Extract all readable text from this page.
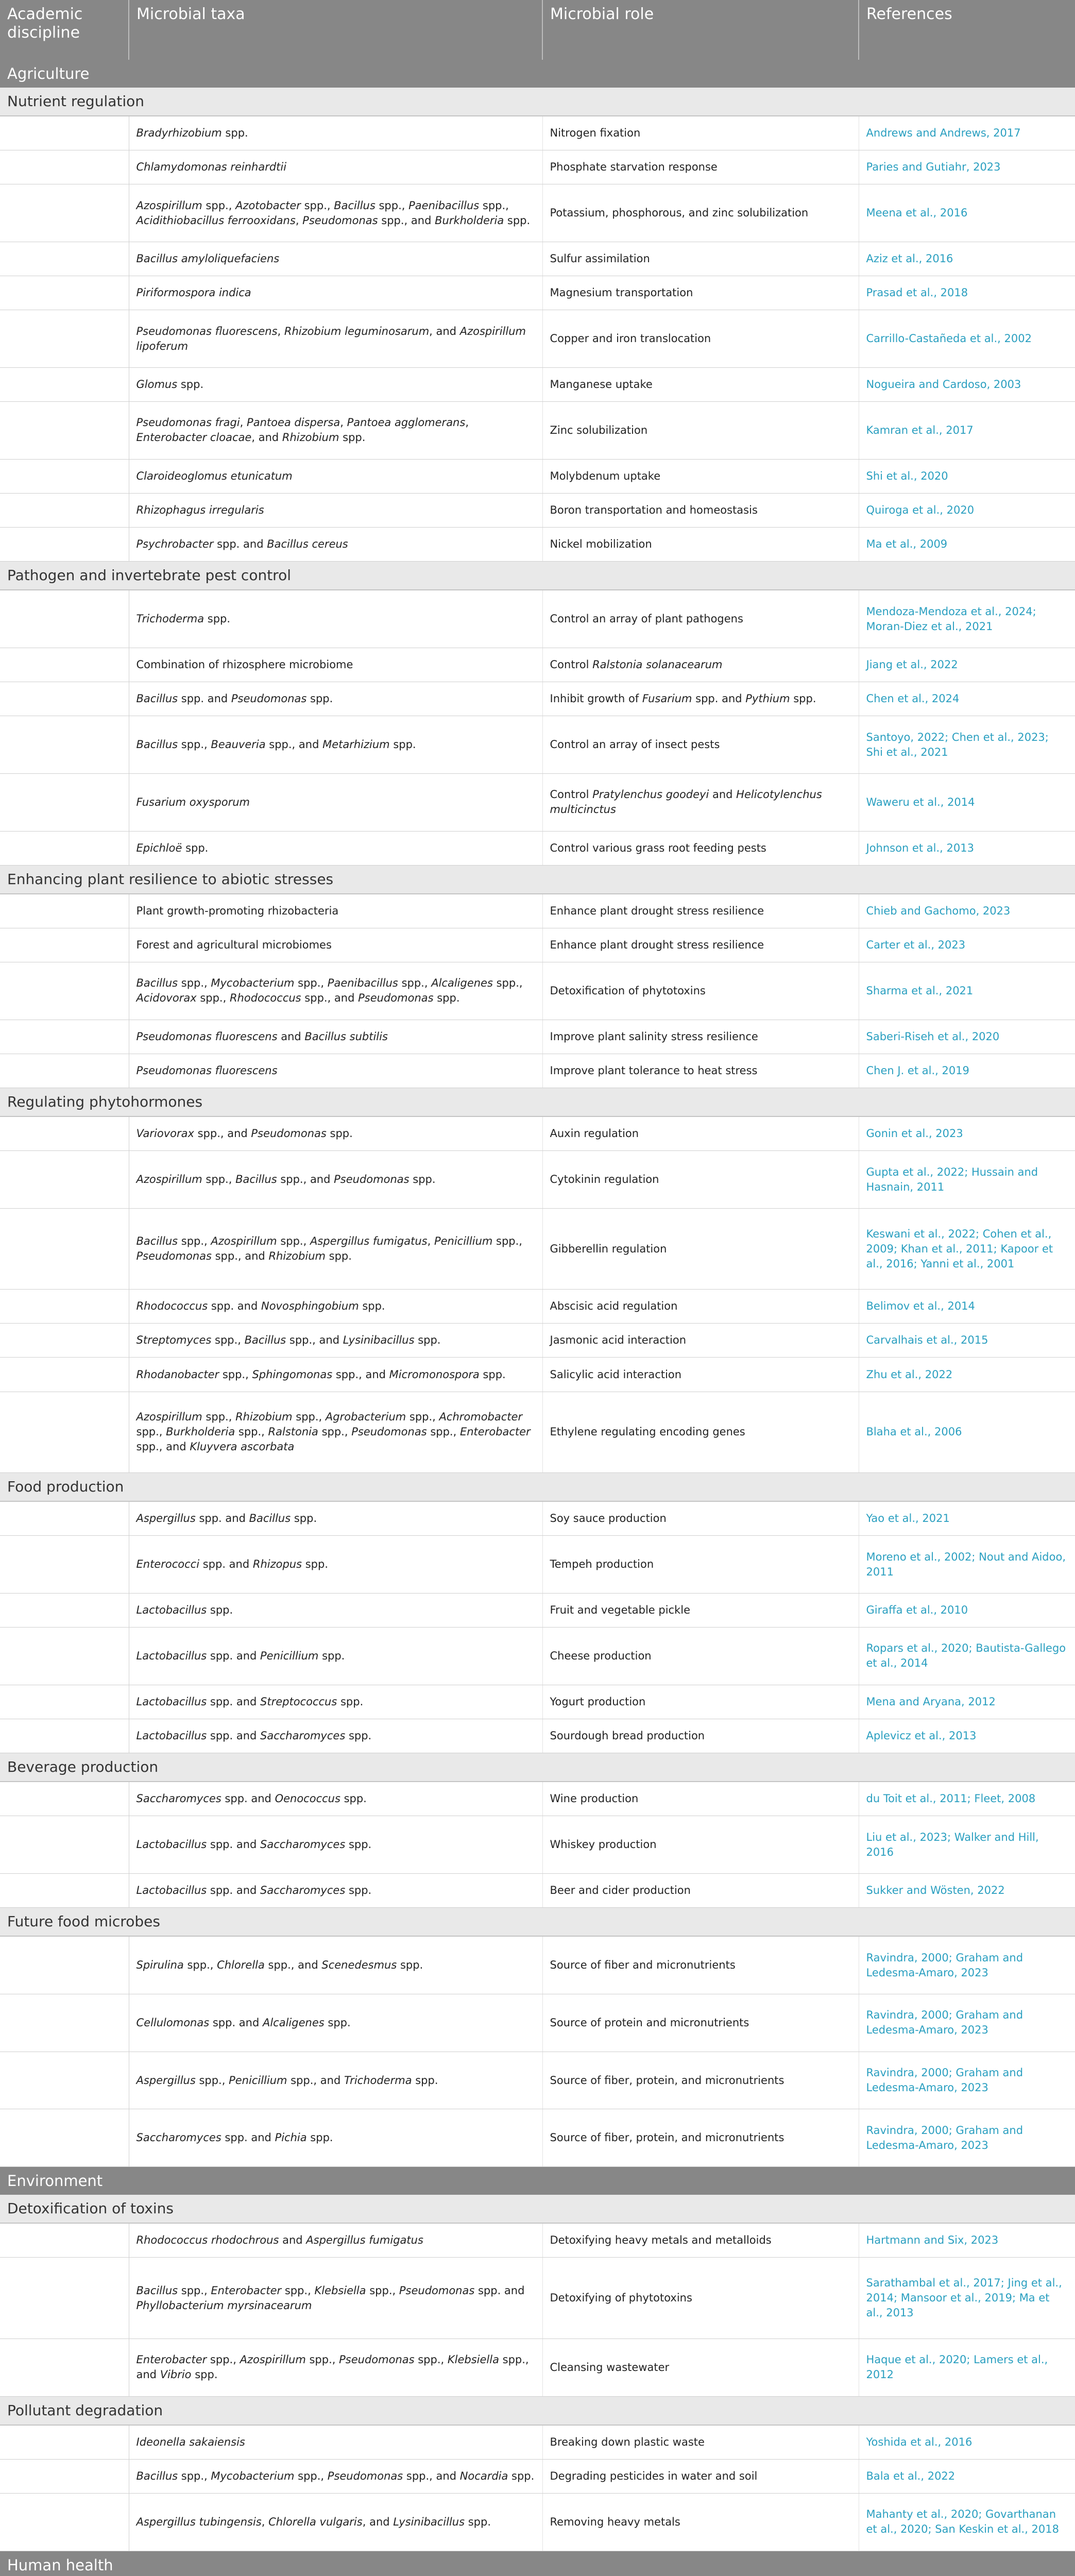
Academic discipline	Microbial taxa	Microbial role	References
Agriculture			
Nutrient regulation			
	Bradyrhizobium spp.	Nitrogen fixation	Andrews and Andrews, 2017
	Chlamydomonas reinhardtii	Phosphate starvation response	Paries and Gutiahr, 2023
	Azospirillum spp., Azotobacter spp., Bacillus spp., Paenibacillus spp., Acidithiobacillus ferrooxidans, Pseudomonas spp., and Burkholderia spp.	Potassium, phosphorous, and zinc solubilization	Meena et al., 2016
	Bacillus amyloliquefaciens	Sulfur assimilation	Aziz et al., 2016
	Piriformospora indica	Magnesium transportation	Prasad et al., 2018
	Pseudomonas fluorescens, Rhizobium leguminosarum, and Azospirillum lipoferum	Copper and iron translocation	Carrillo-Castañeda et al., 2002
	Glomus spp.	Manganese uptake	Nogueira and Cardoso, 2003
	Pseudomonas fragi, Pantoea dispersa, Pantoea agglomerans, Enterobacter cloacae, and Rhizobium spp.	Zinc solubilization	Kamran et al., 2017
	Claroideoglomus etunicatum	Molybdenum uptake	Shi et al., 2020
	Rhizophagus irregularis	Boron transportation and homeostasis	Quiroga et al., 2020
	Psychrobacter spp. and Bacillus cereus	Nickel mobilization	Ma et al., 2009
Pathogen and invertebrate pest control			
	Trichoderma spp.	Control an array of plant pathogens	Mendoza-Mendoza et al., 2024; Moran-Diez et al., 2021
	Combination of rhizosphere microbiome	Control Ralstonia solanacearum	Jiang et al., 2022
	Bacillus spp. and Pseudomonas spp.	Inhibit growth of Fusarium spp. and Pythium spp.	Chen et al., 2024
	Bacillus spp., Beauveria spp., and Metarhizium spp.	Control an array of insect pests	Santoyo, 2022; Chen et al., 2023; Shi et al., 2021
	Fusarium oxysporum	Control Pratylenchus goodeyi and Helicotylenchus multicinctus	Waweru et al., 2014
	Epichloë spp.	Control various grass root feeding pests	Johnson et al., 2013
Enhancing plant resilience to abiotic stresses			
	Plant growth-promoting rhizobacteria	Enhance plant drought stress resilience	Chieb and Gachomo, 2023
	Forest and agricultural microbiomes	Enhance plant drought stress resilience	Carter et al., 2023
	Bacillus spp., Mycobacterium spp., Paenibacillus spp., Alcaligenes spp., Acidovorax spp., Rhodococcus spp., and Pseudomonas spp.	Detoxification of phytotoxins	Sharma et al., 2021
	Pseudomonas fluorescens and Bacillus subtilis	Improve plant salinity stress resilience	Saberi-Riseh et al., 2020
	Pseudomonas fluorescens	Improve plant tolerance to heat stress	Chen J. et al., 2019
Regulating phytohormones			
	Variovorax spp., and Pseudomonas spp.	Auxin regulation	Gonin et al., 2023
	Azospirillum spp., Bacillus spp., and Pseudomonas spp.	Cytokinin regulation	Gupta et al., 2022; Hussain and Hasnain, 2011
	Bacillus spp., Azospirillum spp., Aspergillus fumigatus, Penicillium spp., Pseudomonas spp., and Rhizobium spp.	Gibberellin regulation	Keswani et al., 2022; Cohen et al., 2009; Khan et al., 2011; Kapoor et al., 2016; Yanni et al., 2001
	Rhodococcus spp. and Novosphingobium spp.	Abscisic acid regulation	Belimov et al., 2014
	Streptomyces spp., Bacillus spp., and Lysinibacillus spp.	Jasmonic acid interaction	Carvalhais et al., 2015
	Rhodanobacter spp., Sphingomonas spp., and Micromonospora spp.	Salicylic acid interaction	Zhu et al., 2022
	Azospirillum spp., Rhizobium spp., Agrobacterium spp., Achromobacter spp., Burkholderia spp., Ralstonia spp., Pseudomonas spp., Enterobacter spp., and Kluyvera ascorbata	Ethylene regulating encoding genes	Blaha et al., 2006
Food production			
	Aspergillus spp. and Bacillus spp.	Soy sauce production	Yao et al., 2021
	Enterococci spp. and Rhizopus spp.	Tempeh production	Moreno et al., 2002; Nout and Aidoo, 2011
	Lactobacillus spp.	Fruit and vegetable pickle	Giraffa et al., 2010
	Lactobacillus spp. and Penicillium spp.	Cheese production	Ropars et al., 2020; Bautista-Gallego et al., 2014
	Lactobacillus spp. and Streptococcus spp.	Yogurt production	Mena and Aryana, 2012
	Lactobacillus spp. and Saccharomyces spp.	Sourdough bread production	Aplevicz et al., 2013
Beverage production			
	Saccharomyces spp. and Oenococcus spp.	Wine production	du Toit et al., 2011; Fleet, 2008
	Lactobacillus spp. and Saccharomyces spp.	Whiskey production	Liu et al., 2023; Walker and Hill, 2016
	Lactobacillus spp. and Saccharomyces spp.	Beer and cider production	Sukker and Wösten, 2022
Future food microbes			
	Spirulina spp., Chlorella spp., and Scenedesmus spp.	Source of fiber and micronutrients	Ravindra, 2000; Graham and Ledesma-Amaro, 2023
	Cellulomonas spp. and Alcaligenes spp.	Source of protein and micronutrients	Ravindra, 2000; Graham and Ledesma-Amaro, 2023
	Aspergillus spp., Penicillium spp., and Trichoderma spp.	Source of fiber, protein, and micronutrients	Ravindra, 2000; Graham and Ledesma-Amaro, 2023
	Saccharomyces spp. and Pichia spp.	Source of fiber, protein, and micronutrients	Ravindra, 2000; Graham and Ledesma-Amaro, 2023
Environment			
Detoxification of toxins			
	Rhodococcus rhodochrous and Aspergillus fumigatus	Detoxifying heavy metals and metalloids	Hartmann and Six, 2023
	Bacillus spp., Enterobacter spp., Klebsiella spp., Pseudomonas spp. and Phyllobacterium myrsinacearum	Detoxifying of phytotoxins	Sarathambal et al., 2017; Jing et al., 2014; Mansoor et al., 2019; Ma et al., 2013
	Enterobacter spp., Azospirillum spp., Pseudomonas spp., Klebsiella spp., and Vibrio spp.	Cleansing wastewater	Haque et al., 2020; Lamers et al., 2012
Pollutant degradation			
	Ideonella sakaiensis	Breaking down plastic waste	Yoshida et al., 2016
	Bacillus spp., Mycobacterium spp., Pseudomonas spp., and Nocardia spp.	Degrading pesticides in water and soil	Bala et al., 2022
	Aspergillus tubingensis, Chlorella vulgaris, and Lysinibacillus spp.	Removing heavy metals	Mahanty et al., 2020; Govarthanan et al., 2020; San Keskin et al., 2018
Human health			
